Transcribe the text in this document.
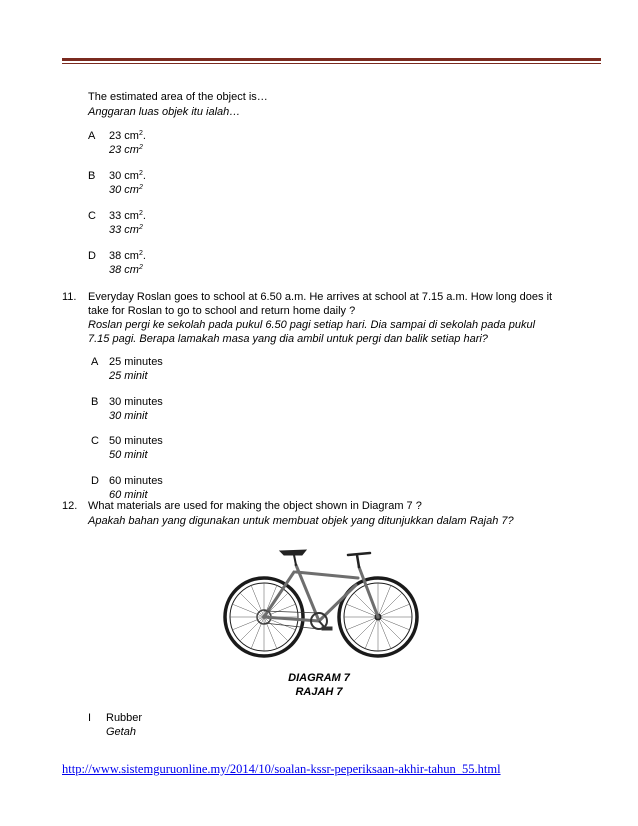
The estimated area of the object is…
Anggaran luas objek itu ialah…
A 23 $cm^2$.
23 $cm^2$
B 30 $cm^2$.
30 $cm^2$
C 33 $cm^2$.
33 $cm^2$
D 38 $cm^2$.
38 $cm^2$
11. Everyday Roslan goes to school at 6.50 a.m. He arrives at school at 7.15 a.m. How long does it
take for Roslan to go to school and return home daily ?
Roslan pergi ke sekolah pada pukul 6.50 pagi setiap hari. Dia sampai di sekolah pada pukul
7.15 pagi. Berapa lamakah masa yang dia ambil untuk pergi dan balik setiap hari?
A 25 minutes
25 minit
B 30 minutes
30 minit
C 50 minutes
50 minit
D 60 minutes
60 minit
12. What materials are used for making the object shown in Diagram 7 ?
Apakah bahan yang digunakan untuk membuat objek yang ditunjukkan dalam Rajah 7?
DIAGRAM 7
RAJAH 7
I Rubber
Getah
http://www.sistemguruonline.my/2014/10/soalan-kssr-peperiksaan-akhir-tahun_55.html
